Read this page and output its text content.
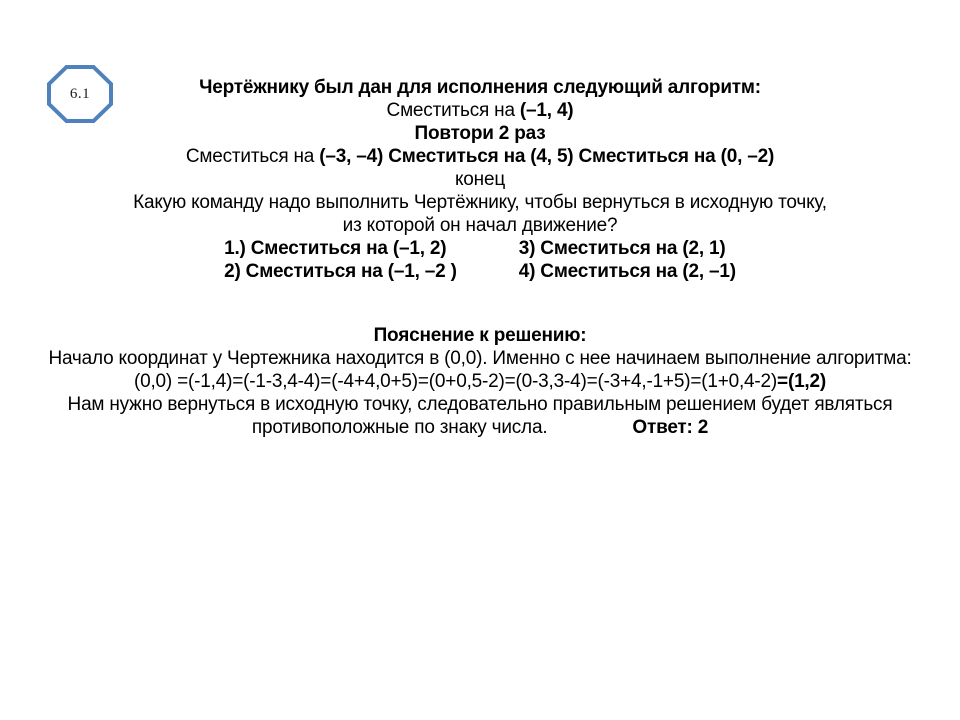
6.1	Чертёжнику был дан для исполнения следующий алгоритм:
Сместиться на (–1, 4)
Повтори 2 раз
Сместиться на (–3, –4) Сместиться на (4, 5) Сместиться на (0, –2)
конец
Какую команду надо выполнить Чертёжнику, чтобы вернуться в исходную точку,
из которой он начал движение?
1.) Сместиться на (–1, 2)	3) Сместиться на (2, 1)
2) Сместиться на (–1, –2 )	4) Сместиться на (2, –1)
Пояснение к решению:
Начало координат у Чертежника находится в (0,0). Именно с нее начинаем выполнение алгоритма:
(0,0) =(-1,4)=(-1-3,4-4)=(-4+4,0+5)=(0+0,5-2)=(0-3,3-4)=(-3+4,-1+5)=(1+0,4-2)=(1,2)
Нам нужно вернуться в исходную точку, следовательно правильным решением будет являться
противоположные по знаку числа.	Ответ: 2
